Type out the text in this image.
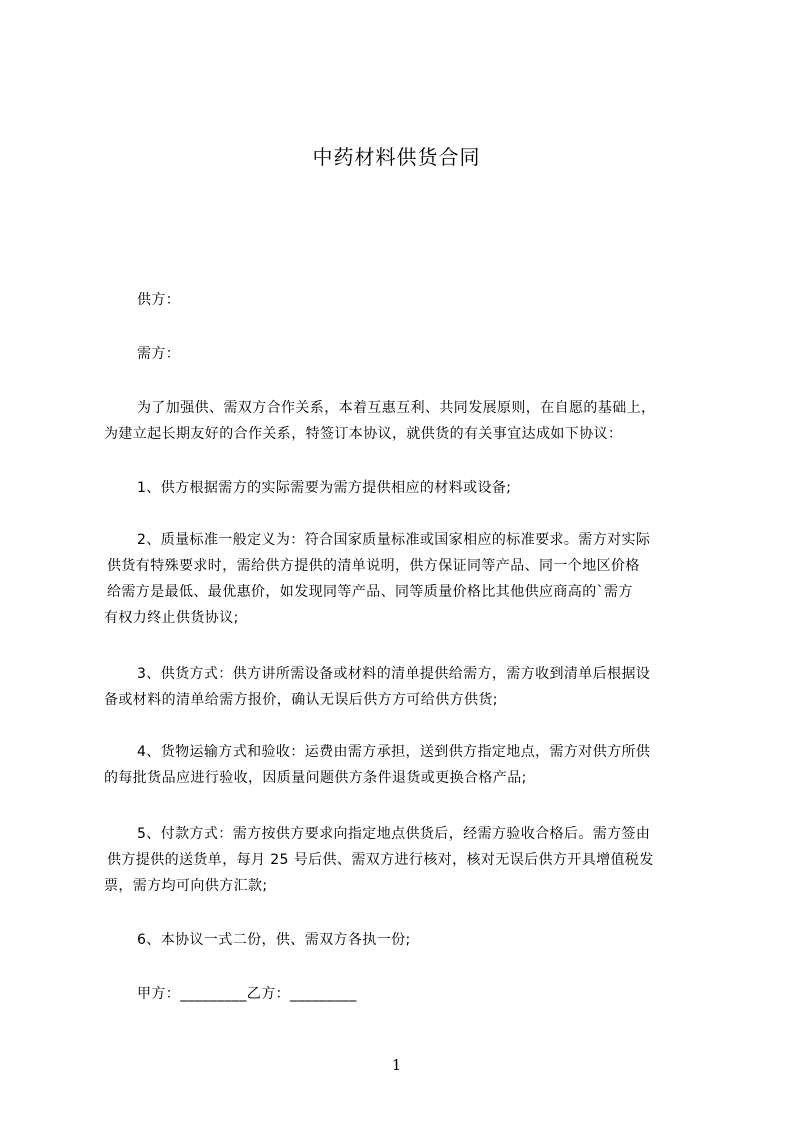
中药材料供货合同
供方：
需方：
为了加强供、需双方合作关系，本着互惠互利、共同发展原则，在自愿的基础上，
为建立起长期友好的合作关系，特签订本协议，就供货的有关事宜达成如下协议：
1、供方根据需方的实际需要为需方提供相应的材料或设备;
2、质量标准一般定义为：符合国家质量标准或国家相应的标准要求。需方对实际
供货有特殊要求时，需给供方提供的清单说明，供方保证同等产品、同一个地区价格
给需方是最低、最优惠价，如发现同等产品、同等质量价格比其他供应商高的`需方
有权力终止供货协议;
3、供货方式：供方讲所需设备或材料的清单提供给需方，需方收到清单后根据设
备或材料的清单给需方报价，确认无误后供方方可给供方供货;
4、货物运输方式和验收：运费由需方承担，送到供方指定地点，需方对供方所供
的每批货品应进行验收，因质量问题供方条件退货或更换合格产品;
5、付款方式：需方按供方要求向指定地点供货后，经需方验收合格后。需方签由
供方提供的送货单，每月 25 号后供、需双方进行核对，核对无误后供方开具增值税发
票，需方均可向供方汇款;
6、本协议一式二份，供、需双方各执一份;
甲方：_________乙方：_________
1
